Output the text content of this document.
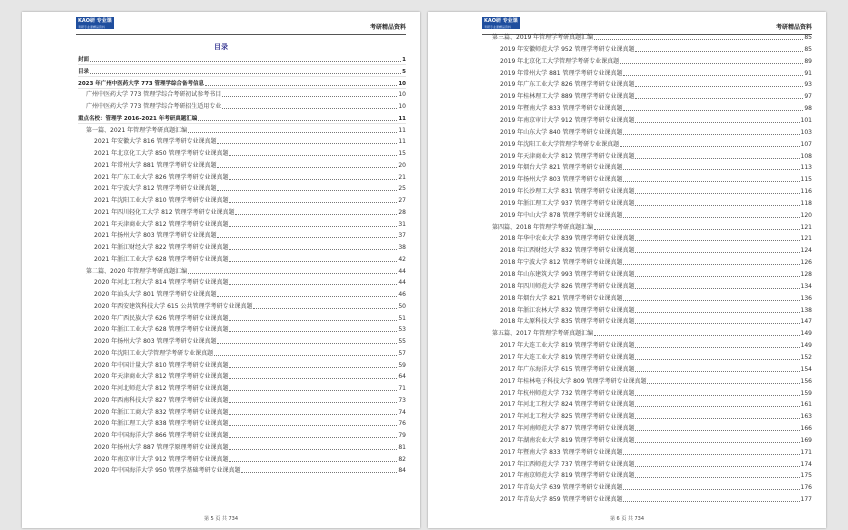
KAO研 专业课
考研专业课精品资料	考研精品资料
目录
封面	1
目录	5
2023 年广州中医药大学 773 管理学综合备考信息	10
广州中医药大学 773 管理学综合考研初试参考书目	10
广州中医药大学 773 管理学综合考研招生适用专业	10
重点名校：管理学 2016-2021 年考研真题汇编	11
第一篇、2021 年管理学考研真题汇编	11
2021 年安徽大学 816 管理学考研专业课真题	11
2021 年北京化工大学 850 管理学考研专业课真题	15
2021 年常州大学 881 管理学考研专业课真题	20
2021 年广东工业大学 826 管理学考研专业课真题	21
2021 年宁波大学 812 管理学考研专业课真题	25
2021 年沈阳工业大学 810 管理学考研专业课真题	27
2021 年四川轻化工大学 812 管理学考研专业课真题	28
2021 年天津商业大学 812 管理学考研专业课真题	31
2021 年扬州大学 803 管理学考研专业课真题	37
2021 年浙江财经大学 822 管理学考研专业课真题	38
2021 年浙江工业大学 628 管理学考研专业课真题	42
第二篇、2020 年管理学考研真题汇编	44
2020 年河北工程大学 814 管理学考研专业课真题	44
2020 年汕头大学 801 管理学考研专业课真题	46
2020 年西安建筑科技大学 615 公共管理学考研专业课真题	50
2020 年广西民族大学 626 管理学考研专业课真题	51
2020 年浙江工业大学 628 管理学考研专业课真题	53
2020 年扬州大学 803 管理学考研专业课真题	55
2020 年沈阳工业大学管理学考研专业课真题	57
2020 年中国计量大学 810 管理学考研专业课真题	59
2020 年天津商业大学 812 管理学考研专业课真题	64
2020 年河北师范大学 812 管理学考研专业课真题	71
2020 年西南科技大学 827 管理学考研专业课真题	73
2020 年浙江工商大学 832 管理学考研专业课真题	74
2020 年浙江理工大学 838 管理学考研专业课真题	76
2020 年中国海洋大学 866 管理学考研专业课真题	79
2020 年扬州大学 887 管理学原理考研专业课真题	81
2020 年南京审计大学 912 管理学考研专业课真题	82
2020 年中国海洋大学 950 管理学基础考研专业课真题	84
第 5 页 共 734
KAO研 专业课
考研专业课精品资料	考研精品资料
第三篇、2019 年管理学考研真题汇编	85
2019 年安徽师范大学 952 管理学考研专业课真题	85
2019 年北京化工大学管理学考研专业课真题	89
2019 年常州大学 881 管理学考研专业课真题	91
2019 年广东工业大学 826 管理学考研专业课真题	93
2019 年桂林理工大学 889 管理学考研专业课真题	97
2019 年暨南大学 833 管理学考研专业课真题	98
2019 年南京审计大学 912 管理学考研专业课真题	101
2019 年山东大学 840 管理学考研专业课真题	103
2019 年沈阳工业大学管理学考研专业课真题	107
2019 年天津商业大学 812 管理学考研专业课真题	108
2019 年烟台大学 821 管理学考研专业课真题	113
2019 年扬州大学 803 管理学考研专业课真题	115
2019 年长沙理工大学 831 管理学考研专业课真题	116
2019 年浙江理工大学 937 管理学考研专业课真题	118
2019 年中山大学 878 管理学考研专业课真题	120
第四篇、2018 年管理学考研真题汇编	121
2018 年华中农业大学 839 管理学考研专业课真题	121
2018 年江西财经大学 832 管理学考研专业课真题	124
2018 年宁波大学 812 管理学考研专业课真题	126
2018 年山东建筑大学 993 管理学考研专业课真题	128
2018 年四川师范大学 826 管理学考研专业课真题	134
2018 年烟台大学 821 管理学考研专业课真题	136
2018 年浙江农林大学 832 管理学考研专业课真题	138
2018 年太原科技大学 835 管理学考研专业课真题	147
第五篇、2017 年管理学考研真题汇编	149
2017 年大连工业大学 819 管理学考研专业课真题	149
2017 年大连工业大学 819 管理学考研专业课真题	152
2017 年广东海洋大学 615 管理学考研专业课真题	154
2017 年桂林电子科技大学 809 管理学考研专业课真题	156
2017 年杭州师范大学 732 管理学考研专业课真题	159
2017 年河北工程大学 824 管理学考研专业课真题	161
2017 年河北工程大学 825 管理学考研专业课真题	163
2017 年河南师范大学 877 管理学考研专业课真题	166
2017 年湖南农业大学 819 管理学考研专业课真题	169
2017 年暨南大学 833 管理学考研专业课真题	171
2017 年江西师范大学 737 管理学考研专业课真题	174
2017 年南京师范大学 819 管理学考研专业课真题	175
2017 年青岛大学 639 管理学考研专业课真题	176
2017 年青岛大学 859 管理学考研专业课真题	177
第 6 页 共 734
